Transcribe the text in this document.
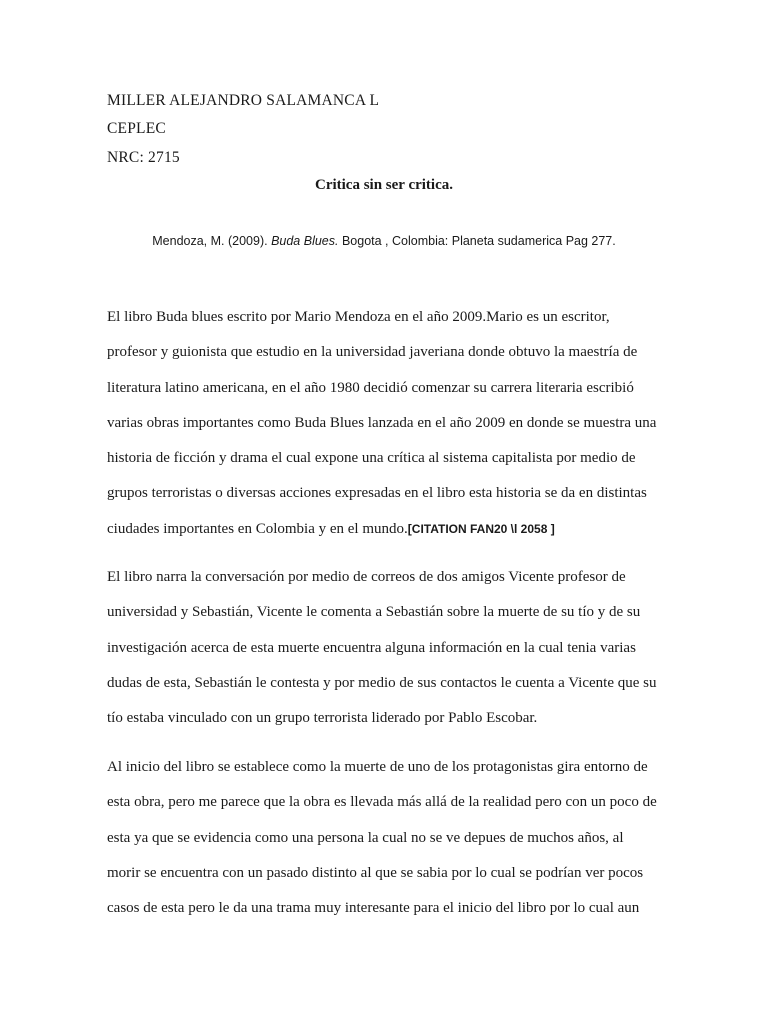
MILLER ALEJANDRO SALAMANCA L
CEPLEC
NRC: 2715
Critica sin ser critica.
Mendoza, M. (2009). Buda Blues. Bogota , Colombia: Planeta sudamerica Pag 277.
El libro Buda blues escrito por Mario Mendoza en el año 2009.Mario es un escritor,
profesor y guionista que estudio en la universidad javeriana donde obtuvo la maestría de
literatura latino americana, en el año 1980 decidió comenzar su carrera literaria escribió
varias obras importantes como Buda Blues lanzada en el año 2009 en donde se muestra una
historia de ficción y drama el cual expone una crítica al sistema capitalista por medio de
grupos terroristas o diversas acciones expresadas en el libro esta historia se da en distintas
ciudades importantes en Colombia y en el mundo.[CITATION FAN20 \l 2058 ]
El libro narra la conversación por medio de correos de dos amigos Vicente profesor de
universidad y Sebastián, Vicente le comenta a Sebastián sobre la muerte de su tío y de su
investigación acerca de esta muerte encuentra alguna información en la cual tenia varias
dudas de esta, Sebastián le contesta y por medio de sus contactos le cuenta a Vicente que su
tío estaba vinculado con un grupo terrorista liderado por Pablo Escobar.
Al inicio del libro se establece como la muerte de uno de los protagonistas gira entorno de
esta obra, pero me parece que la obra es llevada más allá de la realidad pero con un poco de
esta ya que se evidencia como una persona la cual no se ve depues de muchos años, al
morir se encuentra con un pasado distinto al que se sabia por lo cual se podrían ver pocos
casos de esta pero le da una trama muy interesante para el inicio del libro por lo cual aun
